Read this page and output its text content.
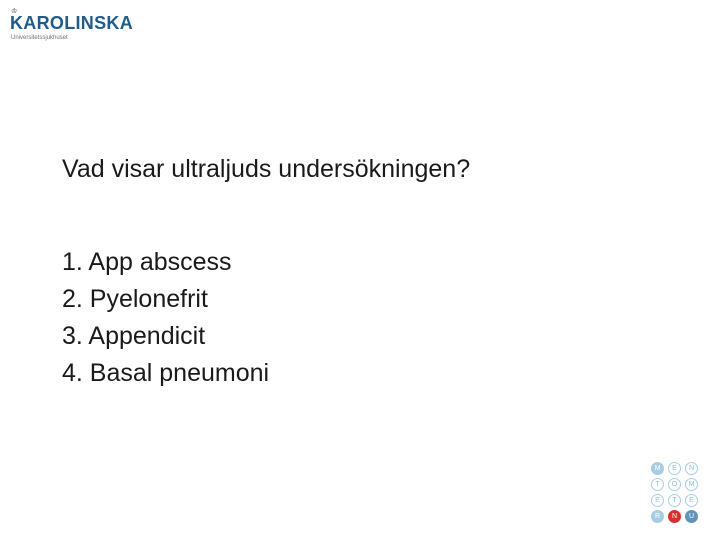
♔
KAROLINSKA
Universitetssjukhuset
Vad visar ultraljuds undersökningen?
1. App abscess
2. Pyelonefrit
3. Appendicit
4. Basal pneumoni
M	E	N
T	O	M
E	T	E
R	N	U
